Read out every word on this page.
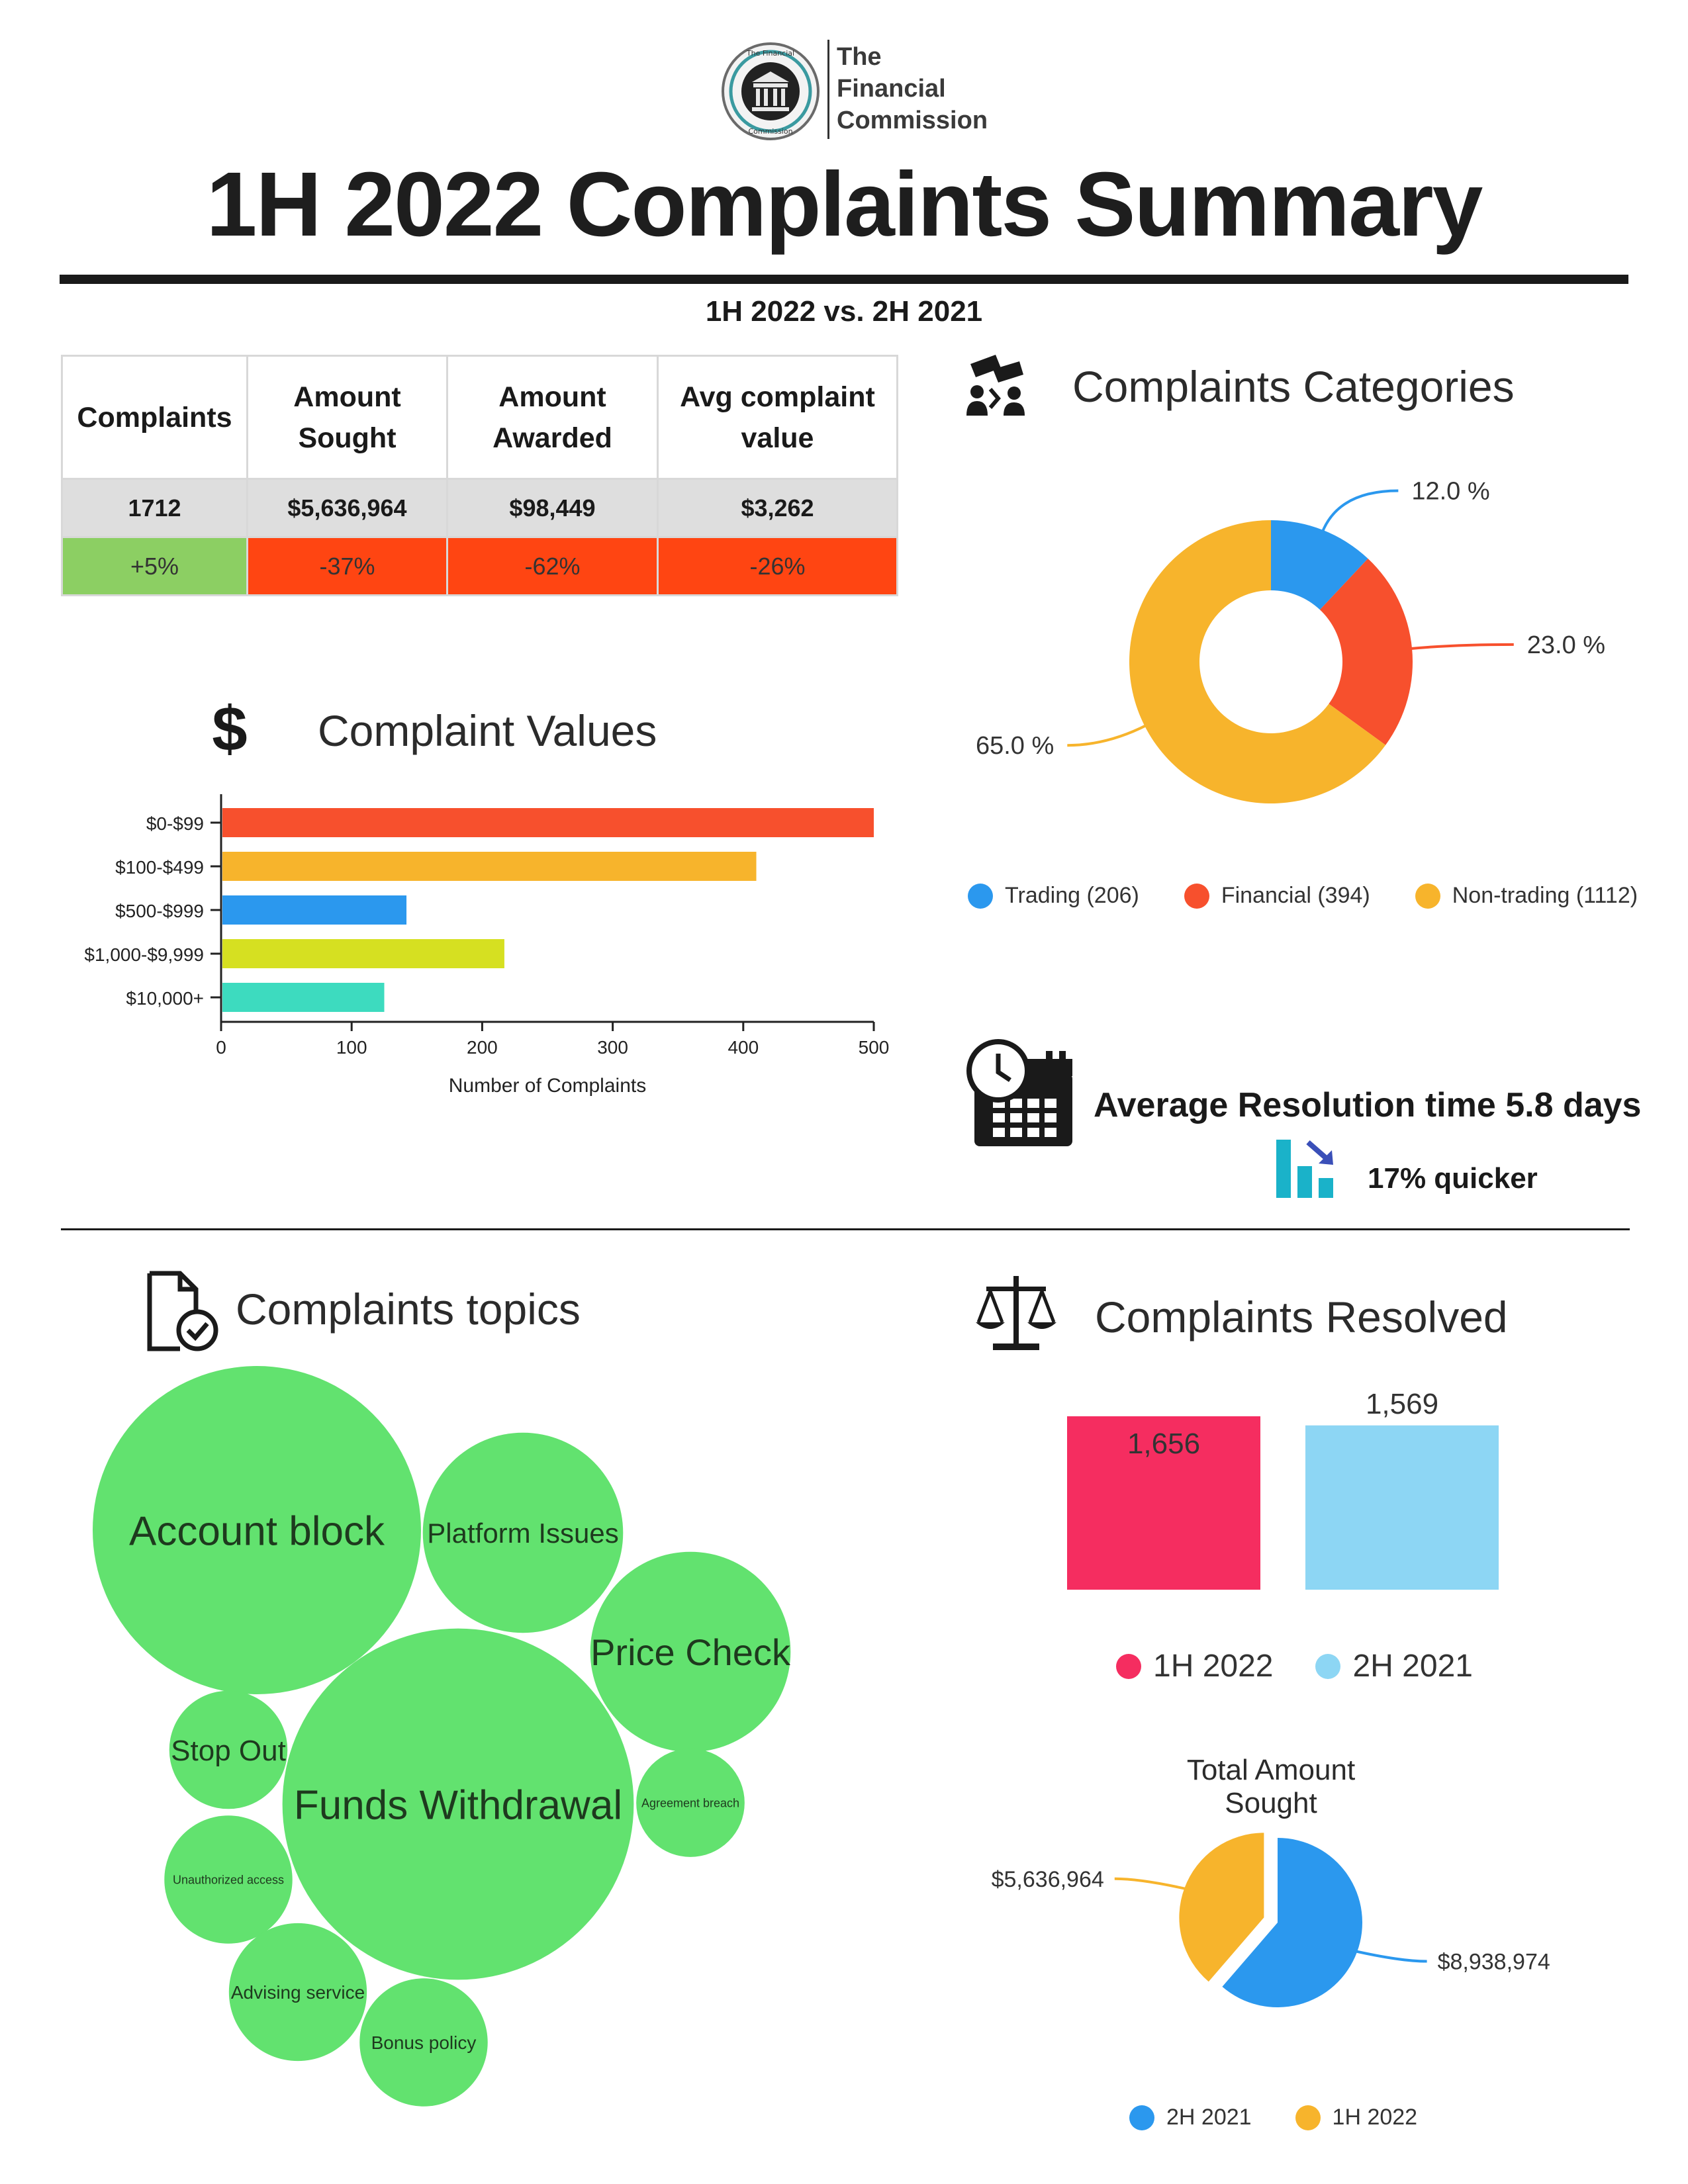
The Financial
Commission
The
Financial
Commission
1H 2022 Complaints Summary
1H 2022 vs. 2H 2021
Complaints	Amount Sought	Amount Awarded	Avg complaint value
1712	$5,636,964	$98,449	$3,262
+5%	-37%	-62%	-26%
$ Complaint Values
$0-$99
$100-$499
$500-$999
$1,000-$9,999
$10,000+
0	100	200	300	400	500
Number of Complaints
Complaints Categories
12.0 %
23.0 %
65.0 %
Trading (206)	Financial (394)	Non-trading (1112)
Average Resolution time 5.8 days
17% quicker
Complaints topics
Account block Platform Issues
Price Check
Funds Withdrawal
Stop Out
Agreement breach
Unauthorized access
Advising service
Bonus policy
Complaints Resolved
1,656
1,569
1H 2022	2H 2021
Total Amount Sought
$8,938,974
$5,636,964
2H 2021	1H 2022
